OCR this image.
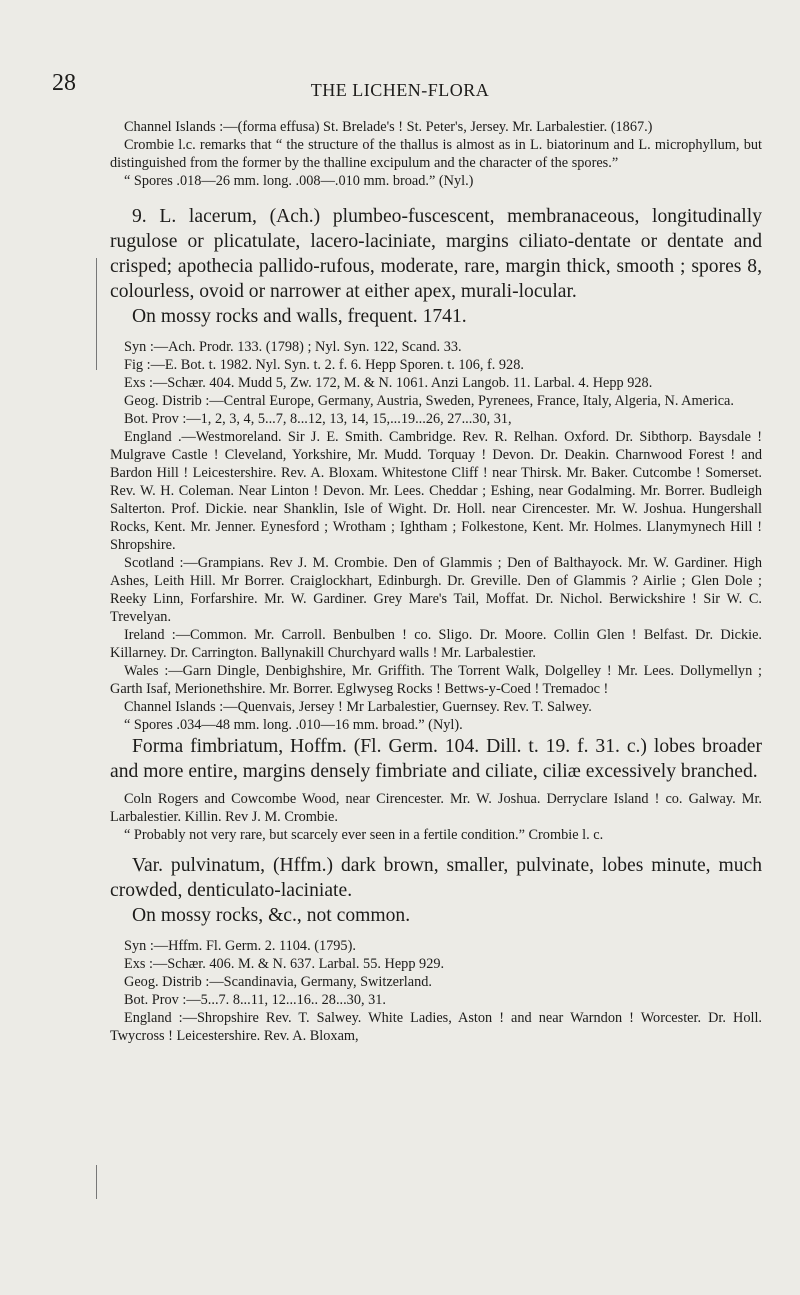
28	THE LICHEN-FLORA

Channel Islands :—(forma effusa) St. Brelade's ! St. Peter's, Jersey. Mr. Larbalestier. (1867.)

Crombie l.c. remarks that “ the structure of the thallus is almost as in L. biatorinum and L. microphyllum, but distinguished from the former by the thalline excipulum and the character of the spores.”

“ Spores .018—26 mm. long. .008—.010 mm. broad.” (Nyl.)

9. L. lacerum, (Ach.) plumbeo-fuscescent, membranaceous, longitudinally rugulose or plicatulate, lacero-laciniate, margins ciliato-dentate or dentate and crisped; apothecia pallido-rufous, moderate, rare, margin thick, smooth ; spores 8, colourless, ovoid or narrower at either apex, murali-locular.

On mossy rocks and walls, frequent. 1741.

Syn :—Ach. Prodr. 133. (1798) ; Nyl. Syn. 122, Scand. 33.

Fig :—E. Bot. t. 1982. Nyl. Syn. t. 2. f. 6. Hepp Sporen. t. 106, f. 928.

Exs :—Schær. 404. Mudd 5, Zw. 172, M. & N. 1061. Anzi Langob. 11. Larbal. 4. Hepp 928.

Geog. Distrib :—Central Europe, Germany, Austria, Sweden, Pyrenees, France, Italy, Algeria, N. America.

Bot. Prov :—1, 2, 3, 4, 5...7, 8...12, 13, 14, 15,...19...26, 27...30, 31,

England .—Westmoreland. Sir J. E. Smith. Cambridge. Rev. R. Relhan. Oxford. Dr. Sibthorp. Baysdale ! Mulgrave Castle ! Cleveland, Yorkshire, Mr. Mudd. Torquay ! Devon. Dr. Deakin. Charnwood Forest ! and Bardon Hill ! Leicestershire. Rev. A. Bloxam. Whitestone Cliff ! near Thirsk. Mr. Baker. Cutcombe ! Somerset. Rev. W. H. Coleman. Near Linton ! Devon. Mr. Lees. Cheddar ; Eshing, near Godalming. Mr. Borrer. Budleigh Salterton. Prof. Dickie. near Shanklin, Isle of Wight. Dr. Holl. near Cirencester. Mr. W. Joshua. Hungershall Rocks, Kent. Mr. Jenner. Eynesford ; Wrotham ; Ightham ; Folkestone, Kent. Mr. Holmes. Llanymynech Hill ! Shropshire.

Scotland :—Grampians. Rev J. M. Crombie. Den of Glammis ; Den of Balthayock. Mr. W. Gardiner. High Ashes, Leith Hill. Mr Borrer. Craiglockhart, Edinburgh. Dr. Greville. Den of Glammis ? Airlie ; Glen Dole ; Reeky Linn, Forfarshire. Mr. W. Gardiner. Grey Mare's Tail, Moffat. Dr. Nichol. Berwickshire ! Sir W. C. Trevelyan.

Ireland :—Common. Mr. Carroll. Benbulben ! co. Sligo. Dr. Moore. Collin Glen ! Belfast. Dr. Dickie. Killarney. Dr. Carrington. Ballynakill Churchyard walls ! Mr. Larbalestier.

Wales :—Garn Dingle, Denbighshire, Mr. Griffith. The Torrent Walk, Dolgelley ! Mr. Lees. Dollymellyn ; Garth Isaf, Merionethshire. Mr. Borrer. Eglwyseg Rocks ! Bettws-y-Coed ! Tremadoc !

Channel Islands :—Quenvais, Jersey ! Mr Larbalestier, Guernsey. Rev. T. Salwey.

“ Spores .034—48 mm. long. .010—16 mm. broad.” (Nyl).

Forma fimbriatum, Hoffm. (Fl. Germ. 104. Dill. t. 19. f. 31. c.) lobes broader and more entire, margins densely fimbriate and ciliate, ciliæ excessively branched.

Coln Rogers and Cowcombe Wood, near Cirencester. Mr. W. Joshua. Derryclare Island ! co. Galway. Mr. Larbalestier. Killin. Rev J. M. Crombie.

“ Probably not very rare, but scarcely ever seen in a fertile condition.” Crombie l. c.

Var. pulvinatum, (Hffm.) dark brown, smaller, pulvinate, lobes minute, much crowded, denticulato-laciniate.

On mossy rocks, &c., not common.

Syn :—Hffm. Fl. Germ. 2. 1104. (1795).

Exs :—Schær. 406. M. & N. 637. Larbal. 55. Hepp 929.

Geog. Distrib :—Scandinavia, Germany, Switzerland.

Bot. Prov :—5...7. 8...11, 12...16.. 28...30, 31.

England :—Shropshire Rev. T. Salwey. White Ladies, Aston ! and near Warndon ! Worcester. Dr. Holl. Twycross ! Leicestershire. Rev. A. Bloxam,
